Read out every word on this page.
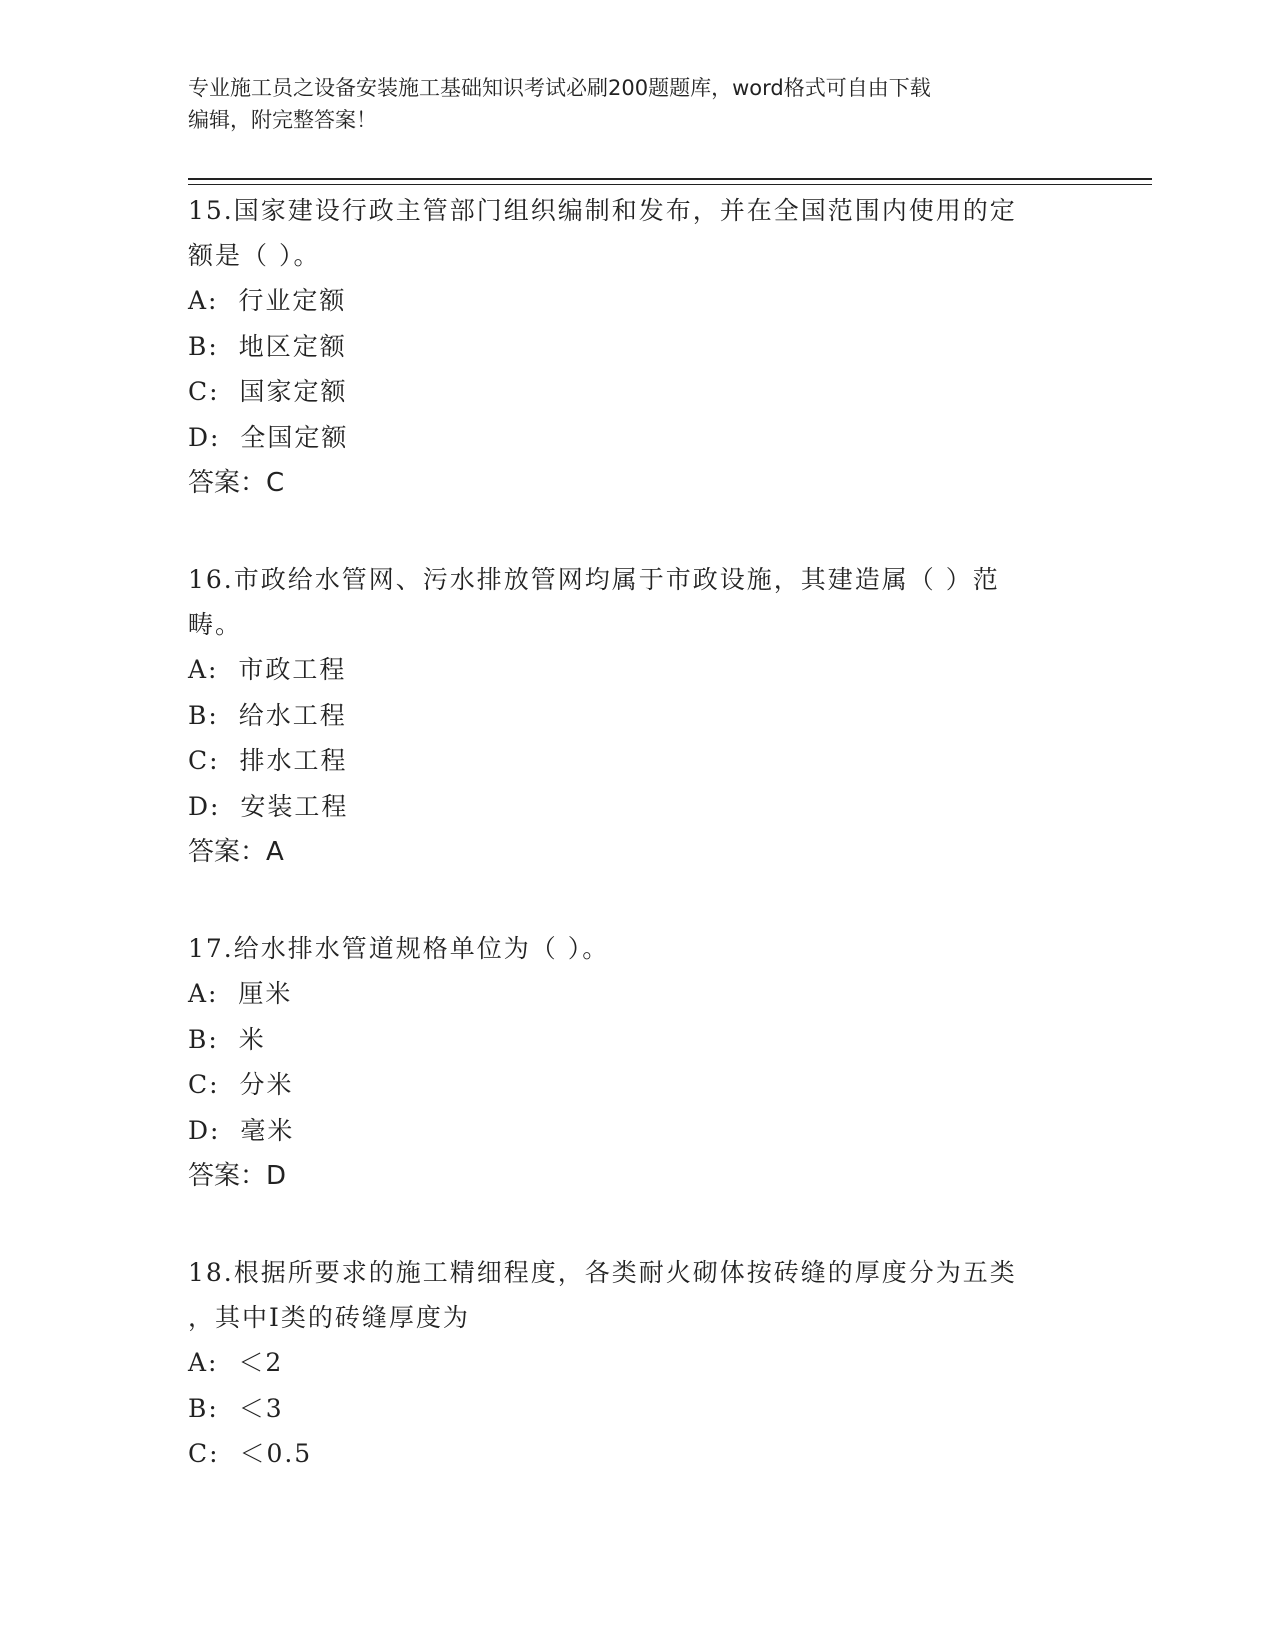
专业施工员之设备安装施工基础知识考试必刷200题题库，word格式可自由下载
编辑，附完整答案！

15.国家建设行政主管部门组织编制和发布，并在全国范围内使用的定

额是（ ）。

A:  行业定额

B:  地区定额

C:  国家定额

D:  全国定额

答案：C

16.市政给水管网、污水排放管网均属于市政设施，其建造属（ ）范

畴。

A:  市政工程

B:  给水工程

C:  排水工程

D:  安装工程

答案：A

17.给水排水管道规格单位为（ ）。

A:  厘米

B:  米

C:  分米

D:  毫米

答案：D

18.根据所要求的施工精细程度，各类耐火砌体按砖缝的厚度分为五类

，其中Ⅰ类的砖缝厚度为

A:  ＜2

B:  ＜3

C:  ＜0.5
